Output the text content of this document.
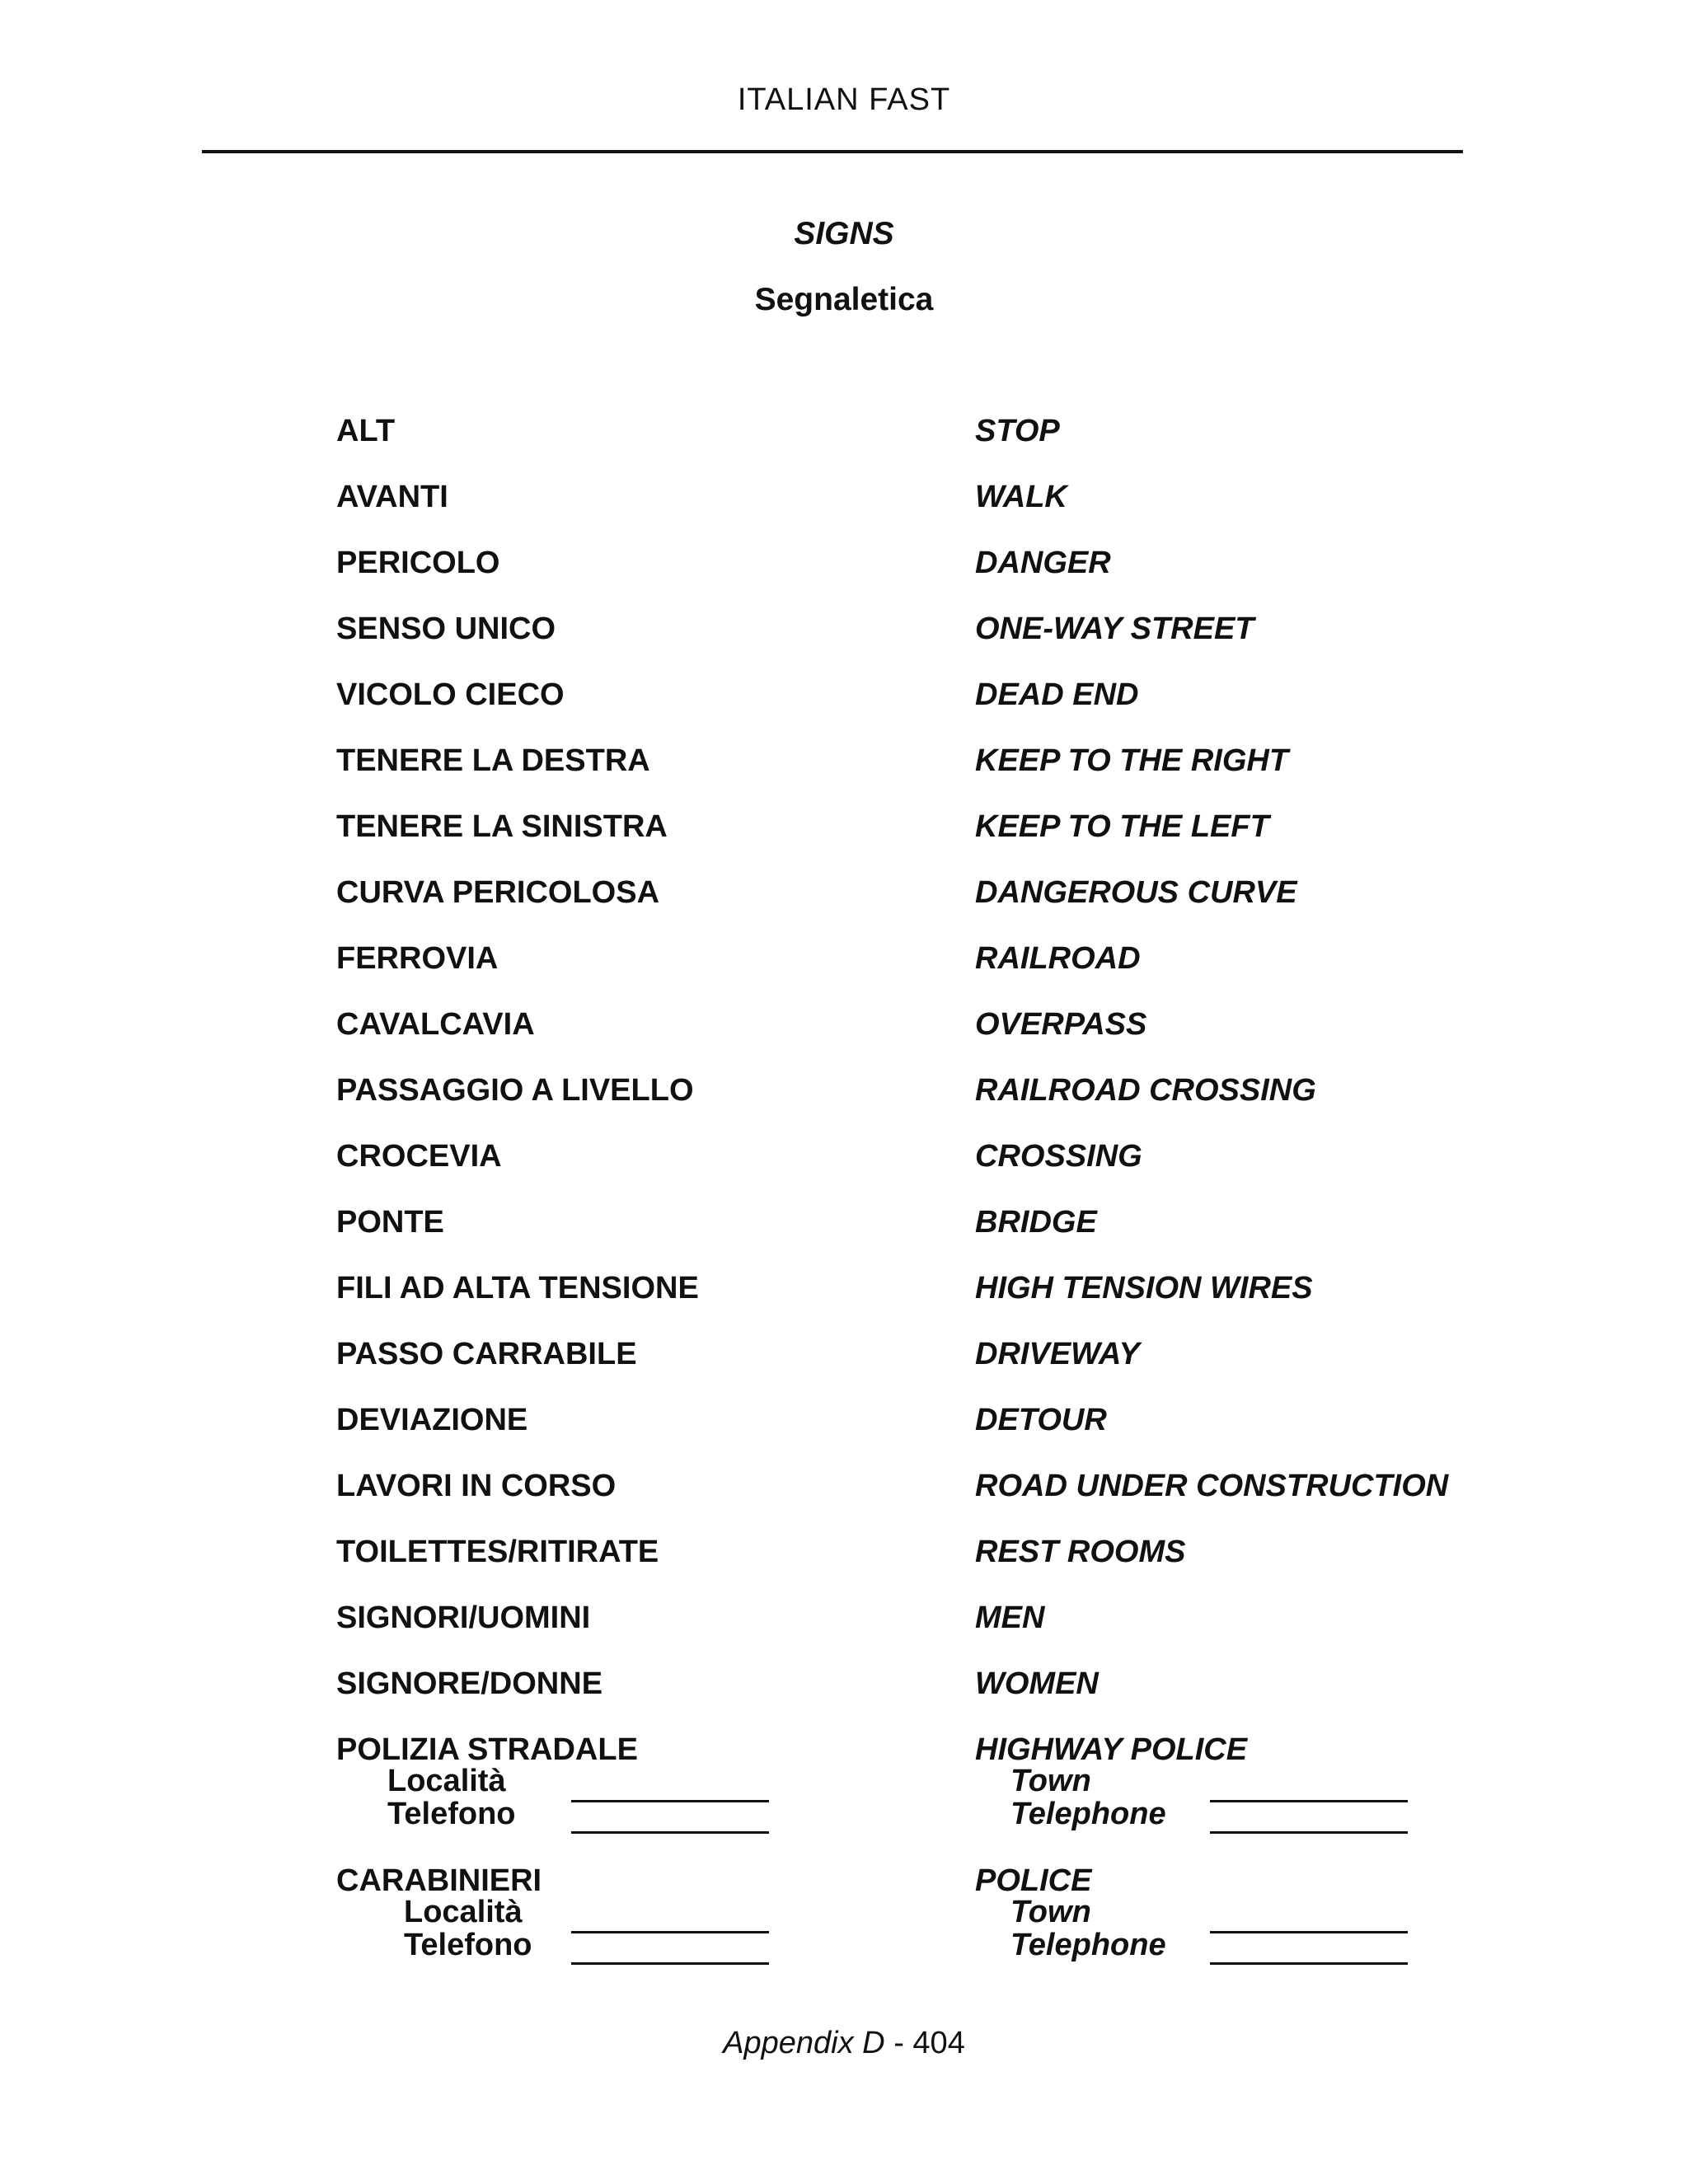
ITALIAN FAST
SIGNS
Segnaletica
ALT	STOP
AVANTI	WALK
PERICOLO	DANGER
SENSO UNICO	ONE-WAY STREET
VICOLO CIECO	DEAD END
TENERE LA DESTRA	KEEP TO THE RIGHT
TENERE LA SINISTRA	KEEP TO THE LEFT
CURVA PERICOLOSA	DANGEROUS CURVE
FERROVIA	RAILROAD
CAVALCAVIA	OVERPASS
PASSAGGIO A LIVELLO	RAILROAD CROSSING
CROCEVIA	CROSSING
PONTE	BRIDGE
FILI AD ALTA TENSIONE	HIGH TENSION WIRES
PASSO CARRABILE	DRIVEWAY
DEVIAZIONE	DETOUR
LAVORI IN CORSO	ROAD UNDER CONSTRUCTION
TOILETTES/RITIRATE	REST ROOMS
SIGNORI/UOMINI	MEN
SIGNORE/DONNE	WOMEN
POLIZIA STRADALE
Località
Telefono
HIGHWAY POLICE
Town
Telephone
CARABINIERI
Località
Telefono
POLICE
Town
Telephone
Appendix D - 404
